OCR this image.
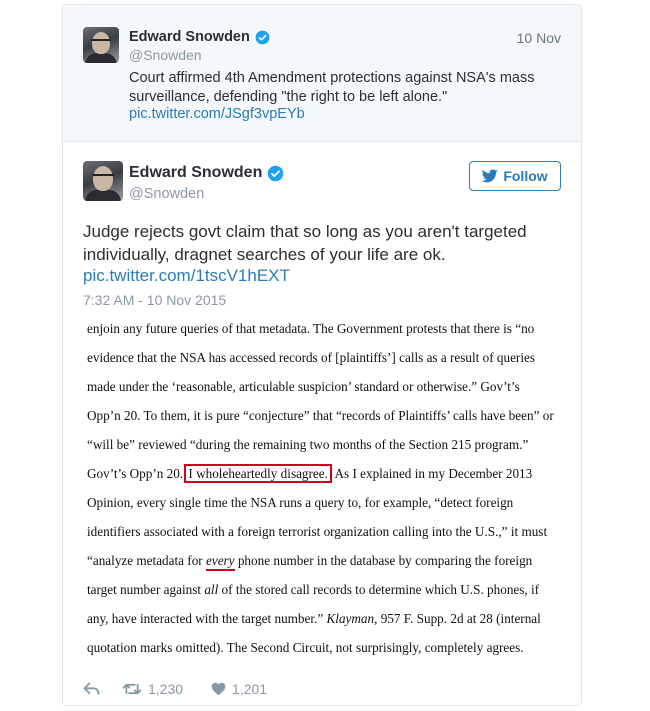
Edward Snowden
@Snowden
10 Nov
Court affirmed 4th Amendment protections against NSA's mass surveillance, defending "the right to be left alone."
pic.twitter.com/JSgf3vpEYb
Edward Snowden
@Snowden
Follow
Judge rejects govt claim that so long as you aren't targeted individually, dragnet searches of your life are ok.
pic.twitter.com/1tscV1hEXT
7:32 AM - 10 Nov 2015
enjoin any future queries of that metadata. The Government protests that there is “no
evidence that the NSA has accessed records of [plaintiffs’] calls as a result of queries
made under the ‘reasonable, articulable suspicion’ standard or otherwise.” Gov’t’s
Opp’n 20. To them, it is pure “conjecture” that “records of Plaintiffs’ calls have been” or
“will be” reviewed “during the remaining two months of the Section 215 program.”
Gov’t’s Opp’n 20. I wholeheartedly disagree. As I explained in my December 2013
Opinion, every single time the NSA runs a query to, for example, “detect foreign
identifiers associated with a foreign terrorist organization calling into the U.S.,” it must
“analyze metadata for every phone number in the database by comparing the foreign
target number against all of the stored call records to determine which U.S. phones, if
any, have interacted with the target number.” Klayman, 957 F. Supp. 2d at 28 (internal
quotation marks omitted). The Second Circuit, not surprisingly, completely agrees.
1,230	1,201
